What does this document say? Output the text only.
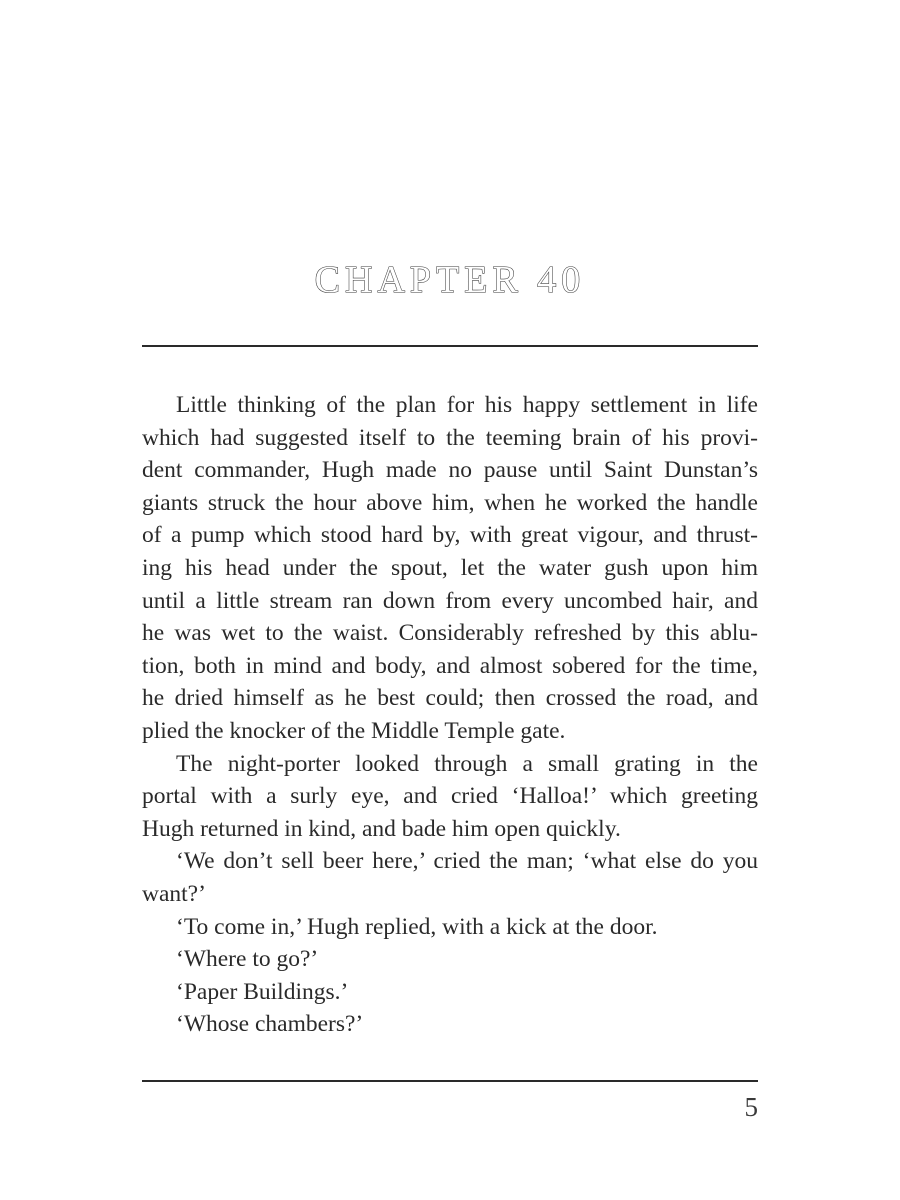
CHAPTER 40
Little thinking of the plan for his happy settlement in life
which had suggested itself to the teeming brain of his provi-
dent commander, Hugh made no pause until Saint Dunstan’s
giants struck the hour above him, when he worked the handle
of a pump which stood hard by, with great vigour, and thrust-
ing his head under the spout, let the water gush upon him
until a little stream ran down from every uncombed hair, and
he was wet to the waist. Considerably refreshed by this ablu-
tion, both in mind and body, and almost sobered for the time,
he dried himself as he best could; then crossed the road, and
plied the knocker of the Middle Temple gate.
The night-porter looked through a small grating in the
portal with a surly eye, and cried ‘Halloa!’ which greeting
Hugh returned in kind, and bade him open quickly.
‘We don’t sell beer here,’ cried the man; ‘what else do you
want?’
‘To come in,’ Hugh replied, with a kick at the door.
‘Where to go?’
‘Paper Buildings.’
‘Whose chambers?’
5
